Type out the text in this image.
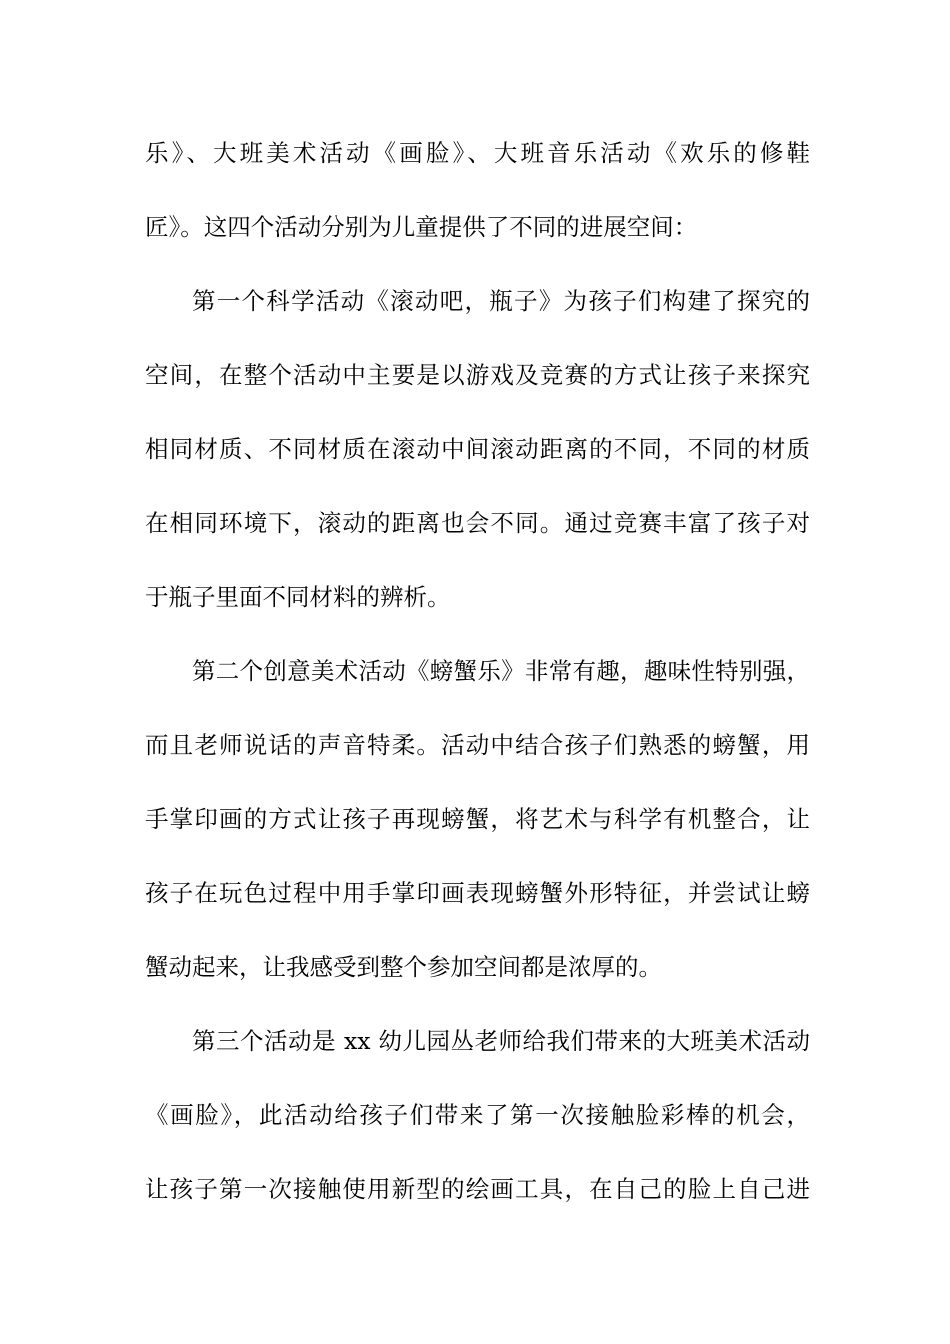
乐》、大班美术活动《画脸》、大班音乐活动《欢乐的修鞋
匠》。这四个活动分别为儿童提供了不同的进展空间：
第一个科学活动《滚动吧，瓶子》为孩子们构建了探究的
空间，在整个活动中主要是以游戏及竞赛的方式让孩子来探究
相同材质、不同材质在滚动中间滚动距离的不同，不同的材质
在相同环境下，滚动的距离也会不同。通过竞赛丰富了孩子对
于瓶子里面不同材料的辨析。
第二个创意美术活动《螃蟹乐》非常有趣，趣味性特别强，
而且老师说话的声音特柔。活动中结合孩子们熟悉的螃蟹，用
手掌印画的方式让孩子再现螃蟹，将艺术与科学有机整合，让
孩子在玩色过程中用手掌印画表现螃蟹外形特征，并尝试让螃
蟹动起来，让我感受到整个参加空间都是浓厚的。
第三个活动是 xx 幼儿园丛老师给我们带来的大班美术活动
《画脸》，此活动给孩子们带来了第一次接触脸彩棒的机会，
让孩子第一次接触使用新型的绘画工具，在自己的脸上自己进
